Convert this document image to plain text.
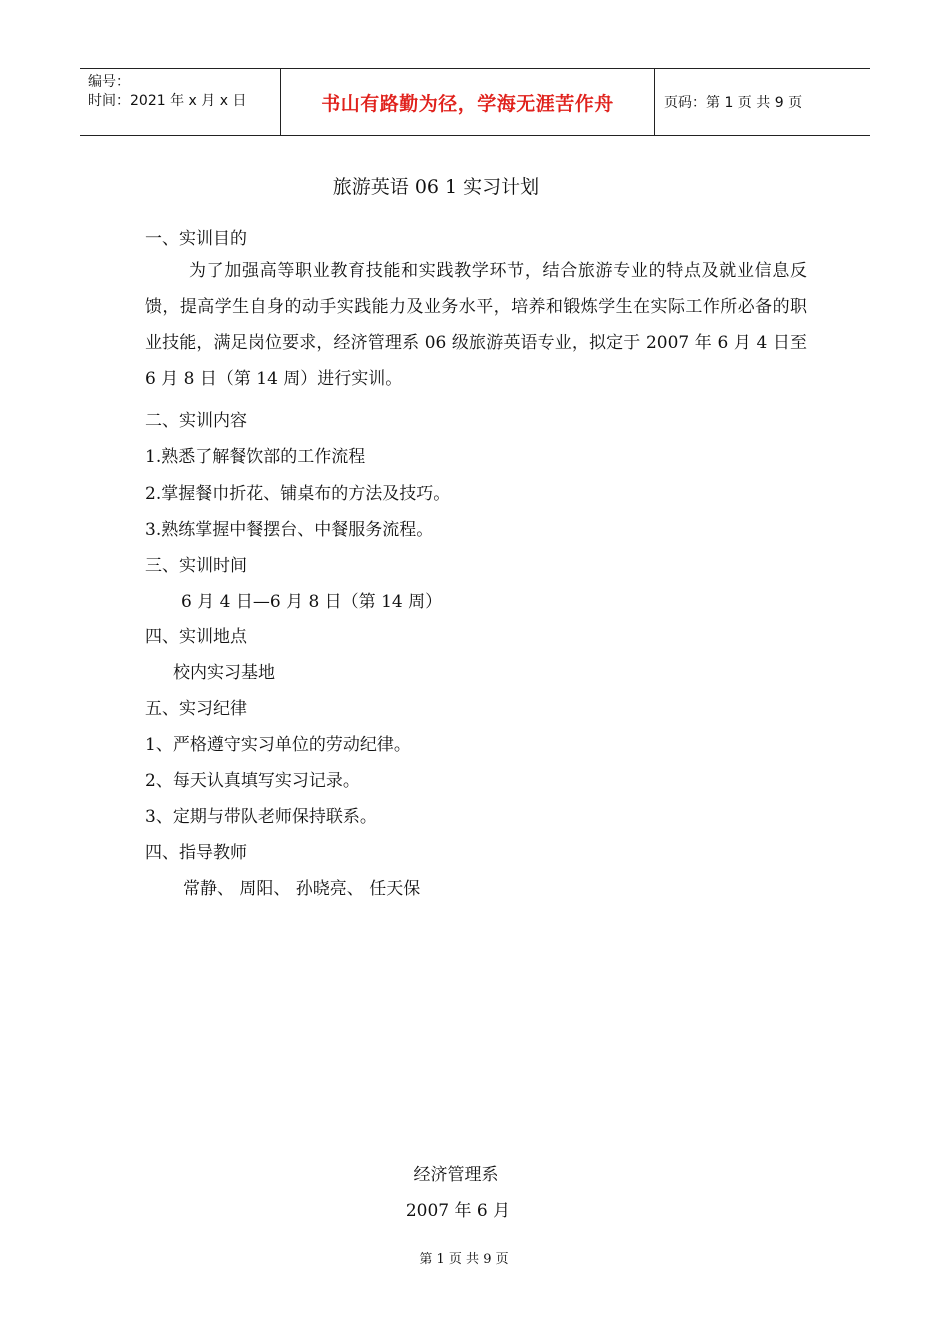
编号：
时间：2021 年 x 月 x 日	书山有路勤为径，学海无涯苦作舟	页码：第 1 页 共 9 页
旅游英语 06 1 实习计划
一、实训目的
为了加强高等职业教育技能和实践教学环节，结合旅游专业的特点及就业信息反馈，提高学生自身的动手实践能力及业务水平，培养和锻炼学生在实际工作所必备的职业技能，满足岗位要求，经济管理系 06 级旅游英语专业，拟定于 2007 年 6 月 4 日至 6 月 8 日（第 14 周）进行实训。
二、实训内容
1.熟悉了解餐饮部的工作流程
2.掌握餐巾折花、铺桌布的方法及技巧。
3.熟练掌握中餐摆台、中餐服务流程。
三、实训时间
6 月 4 日—6 月 8 日（第 14 周）
四、实训地点
校内实习基地
五、实习纪律
1、严格遵守实习单位的劳动纪律。
2、每天认真填写实习记录。
3、定期与带队老师保持联系。
四、指导教师
常静、 周阳、 孙晓亮、 任天保
经济管理系
2007 年 6 月
第 1 页 共 9 页
